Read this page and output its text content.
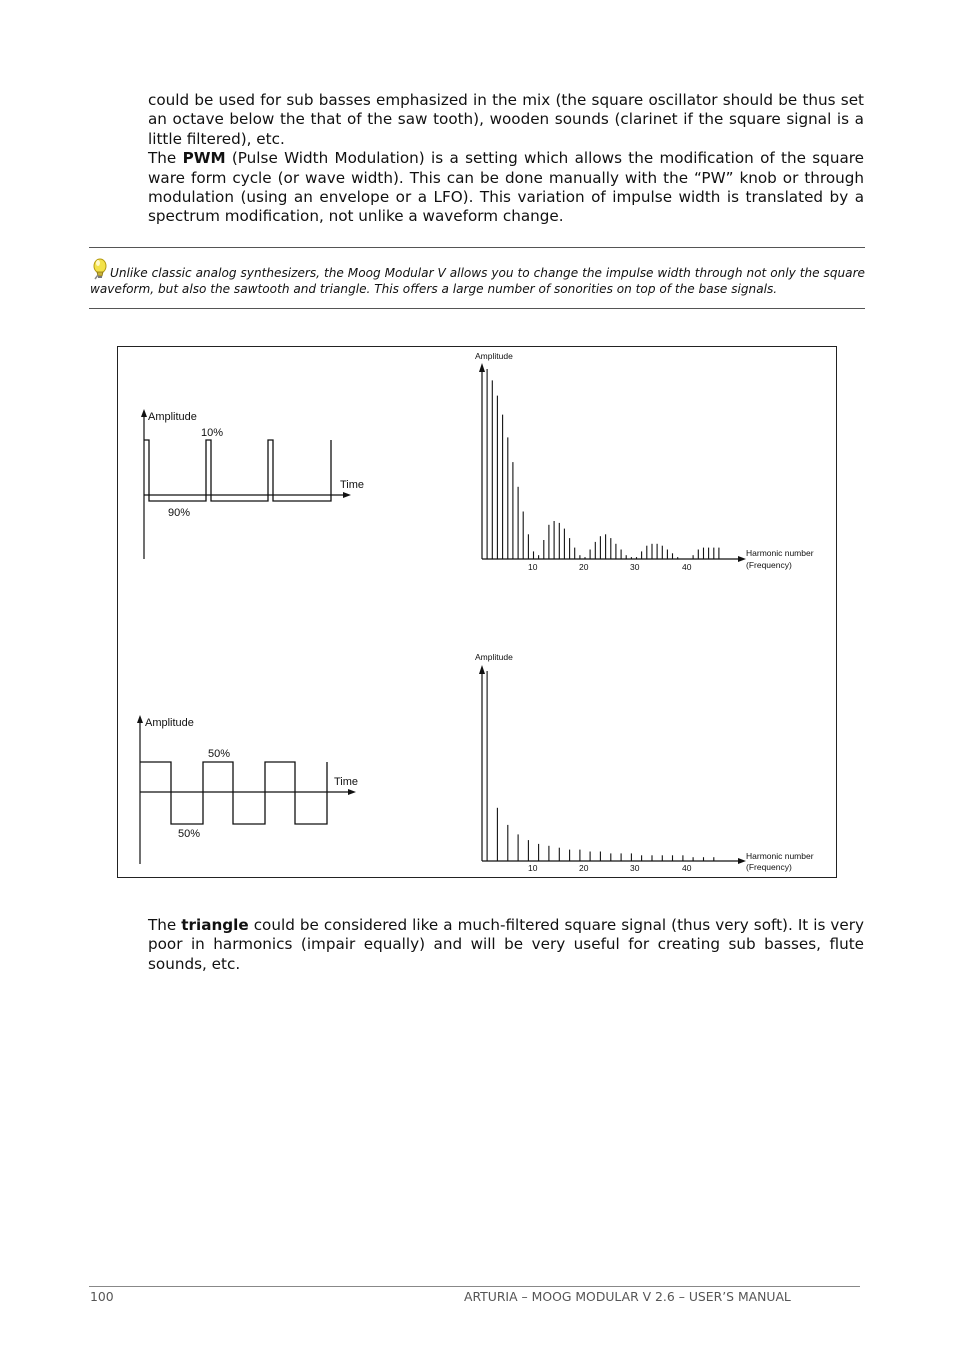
could be used for sub basses emphasized in the mix (the square oscillator should be thus set an octave below the that of the saw tooth), wooden sounds (clarinet if the square signal is a little filtered), etc.
The PWM (Pulse Width Modulation) is a setting which allows the modification of the square ware form cycle (or wave width). This can be done manually with the “PW” knob or through modulation (using an envelope or a LFO). This variation of impulse width is translated by a spectrum modification, not unlike a waveform change.
Unlike classic analog synthesizers, the Moog Modular V allows you to change the impulse width through not only the square waveform, but also the sawtooth and triangle. This offers a large number of sonorities on top of the base signals.
Amplitude
Time
10%
90%
Amplitude
Time
50%
50%
Amplitude
Harmonic number
(Frequency)
10	20	30	40
Amplitude
Harmonic number
(Frequency)
10	20	30	40
The triangle could be considered like a much-filtered square signal (thus very soft). It is very poor in harmonics (impair equally) and will be very useful for creating sub basses, flute sounds, etc.
100	ARTURIA – MOOG MODULAR V 2.6 – USER’S MANUAL
